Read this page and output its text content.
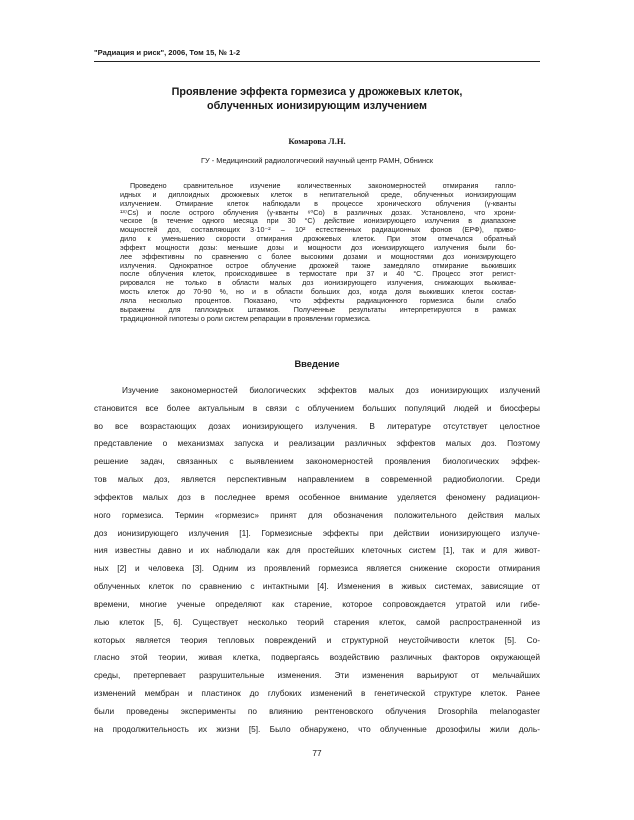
"Радиация и риск", 2006, Том 15, № 1-2
Проявление эффекта гормезиса у дрожжевых клеток,
облученных ионизирующим излучением
Комарова Л.Н.
ГУ - Медицинский радиологический научный центр РАМН, Обнинск
Проведено сравнительное изучение количественных закономерностей отмирания гапло-
идных и диплоидных дрожжевых клеток в непитательной среде, облученных ионизирующим
излучением. Отмирание клеток наблюдали в процессе хронического облучения (γ-кванты
¹³⁷Cs) и после острого облучения (γ-кванты ⁶⁰Co) в различных дозах. Установлено, что хрони-
ческое (в течение одного месяца при 30 °С) действие ионизирующего излучения в диапазоне
мощностей доз, составляющих 3·10⁻² – 10² естественных радиационных фонов (ЕРФ), приво-
дило к уменьшению скорости отмирания дрожжевых клеток. При этом отмечался обратный
эффект мощности дозы: меньшие дозы и мощности доз ионизирующего излучения были бо-
лее эффективны по сравнению с более высокими дозами и мощностями доз ионизирующего
излучения. Однократное острое облучение дрожжей также замедляло отмирание выживших
после облучения клеток, происходившее в термостате при 37 и 40 °С. Процесс этот регист-
рировался не только в области малых доз ионизирующего излучения, снижающих выживае-
мость клеток до 70-90 %, но и в области больших доз, когда доля выживших клеток состав-
ляла несколько процентов. Показано, что эффекты радиационного гормезиса были слабо
выражены для гаплоидных штаммов. Полученные результаты интерпретируются в рамках
традиционной гипотезы о роли систем репарации в проявлении гормезиса.
Введение
Изучение закономерностей биологических эффектов малых доз ионизирующих излучений
становится все более актуальным в связи с облучением больших популяций людей и биосферы
во все возрастающих дозах ионизирующего излучения. В литературе отсутствует целостное
представление о механизмах запуска и реализации различных эффектов малых доз. Поэтому
решение задач, связанных с выявлением закономерностей проявления биологических эффек-
тов малых доз, является перспективным направлением в современной радиобиологии. Среди
эффектов малых доз в последнее время особенное внимание уделяется феномену радиацион-
ного гормезиса. Термин «гормезис» принят для обозначения положительного действия малых
доз ионизирующего излучения [1]. Гормезисные эффекты при действии ионизирующего излуче-
ния известны давно и их наблюдали как для простейших клеточных систем [1], так и для живот-
ных [2] и человека [3]. Одним из проявлений гормезиса является снижение скорости отмирания
облученных клеток по сравнению с интактными [4]. Изменения в живых системах, зависящие от
времени, многие ученые определяют как старение, которое сопровождается утратой или гибе-
лью клеток [5, 6]. Существует несколько теорий старения клеток, самой распространенной из
которых является теория тепловых повреждений и структурной неустойчивости клеток [5]. Со-
гласно этой теории, живая клетка, подвергаясь воздействию различных факторов окружающей
среды, претерпевает разрушительные изменения. Эти изменения варьируют от мельчайших
изменений мембран и пластинок до глубоких изменений в генетической структуре клеток. Ранее
были проведены эксперименты по влиянию рентгеновского облучения Drosophila melanogaster
на продолжительность их жизни [5]. Было обнаружено, что облученные дрозофилы жили доль-
77
